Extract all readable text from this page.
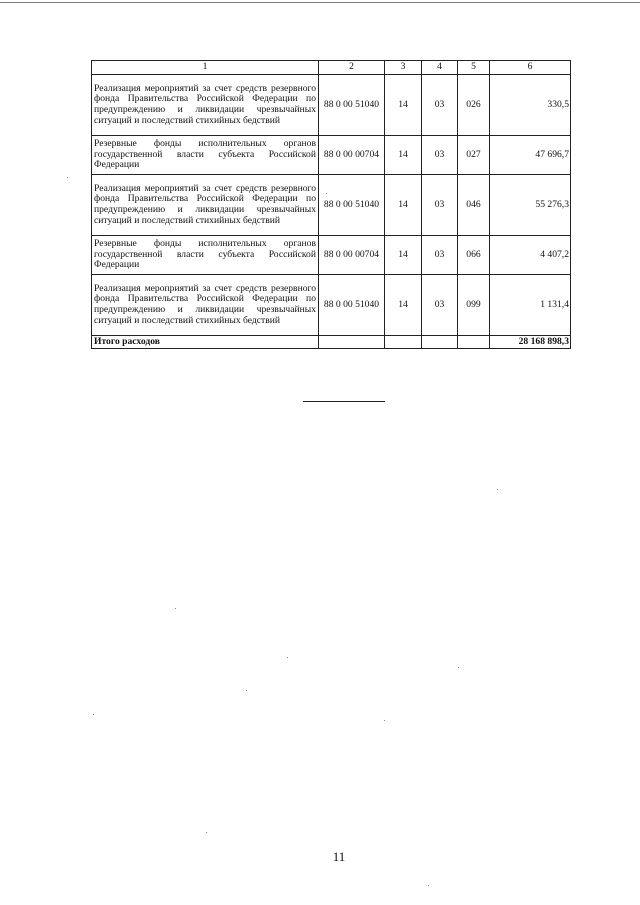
1	2	3	4	5	6
Реализация мероприятий за счет средств резервного фонда Правительства Российской Федерации по предупреждению и ликвидации чрезвычайных ситуаций и последствий стихийных бедствий	88 0 00 51040	14	03	026	330,5
Резервные фонды исполнительных органов государственной власти субъекта Российской Федерации	88 0 00 00704	14	03	027	47 696,7
Реализация мероприятий за счет средств резервного фонда Правительства Российской Федерации по предупреждению и ликвидации чрезвычайных ситуаций и последствий стихийных бедствий	88 0 00 51040	14	03	046	55 276,3
Резервные фонды исполнительных органов государственной власти субъекта Российской Федерации	88 0 00 00704	14	03	066	4 407,2
Реализация мероприятий за счет средств резервного фонда Правительства Российской Федерации по предупреждению и ликвидации чрезвычайных ситуаций и последствий стихийных бедствий	88 0 00 51040	14	03	099	1 131,4
Итого расходов					28 168 898,3
11
